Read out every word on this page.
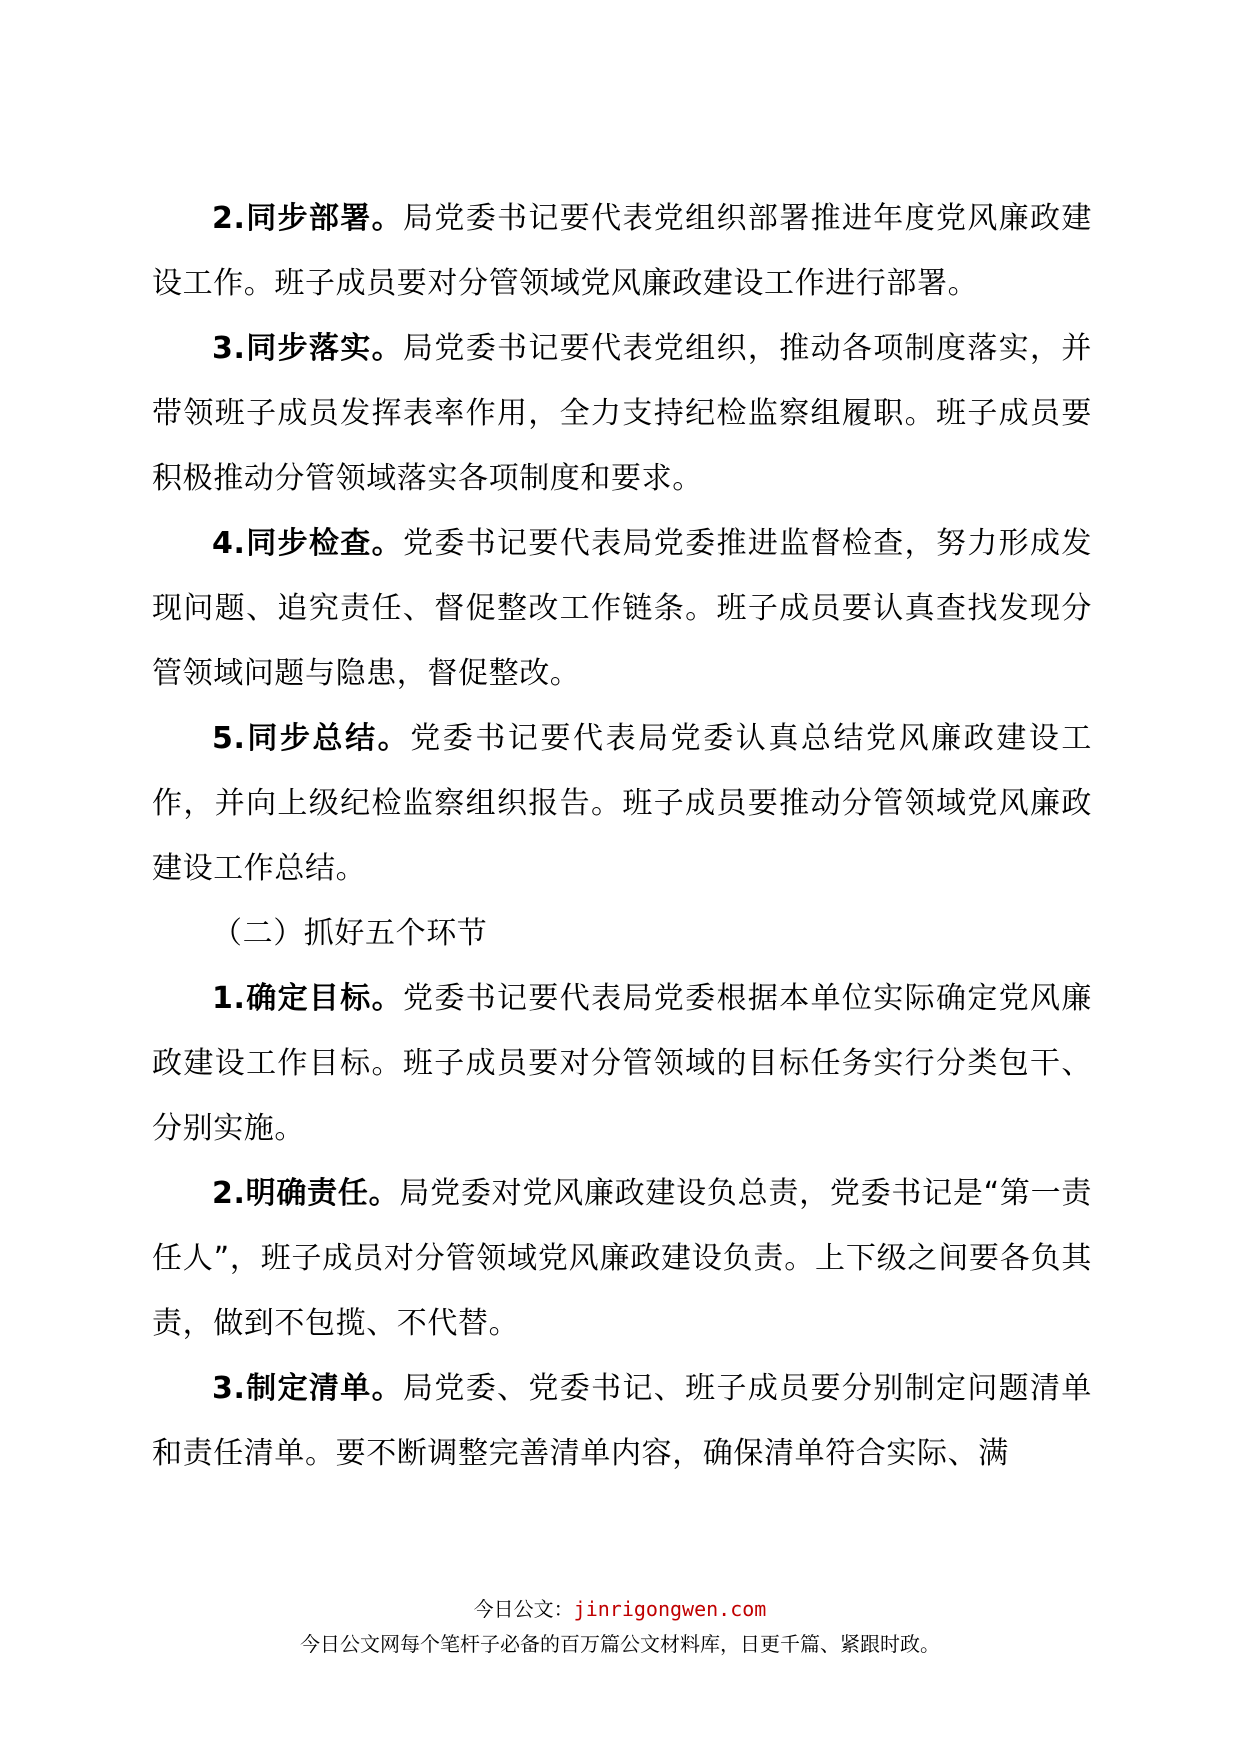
2.同步部署。局党委书记要代表党组织部署推进年度党风廉政建设工作。班子成员要对分管领域党风廉政建设工作进行部署。

3.同步落实。局党委书记要代表党组织，推动各项制度落实，并带领班子成员发挥表率作用，全力支持纪检监察组履职。班子成员要积极推动分管领域落实各项制度和要求。

4.同步检查。党委书记要代表局党委推进监督检查，努力形成发现问题、追究责任、督促整改工作链条。班子成员要认真查找发现分管领域问题与隐患，督促整改。

5.同步总结。党委书记要代表局党委认真总结党风廉政建设工作，并向上级纪检监察组织报告。班子成员要推动分管领域党风廉政建设工作总结。

（二）抓好五个环节

1.确定目标。党委书记要代表局党委根据本单位实际确定党风廉政建设工作目标。班子成员要对分管领域的目标任务实行分类包干、分别实施。

2.明确责任。局党委对党风廉政建设负总责，党委书记是“第一责任人”，班子成员对分管领域党风廉政建设负责。上下级之间要各负其责，做到不包揽、不代替。

3.制定清单。局党委、党委书记、班子成员要分别制定问题清单和责任清单。要不断调整完善清单内容，确保清单符合实际、满

今日公文：jinrigongwen.com
今日公文网每个笔杆子必备的百万篇公文材料库，日更千篇、紧跟时政。
